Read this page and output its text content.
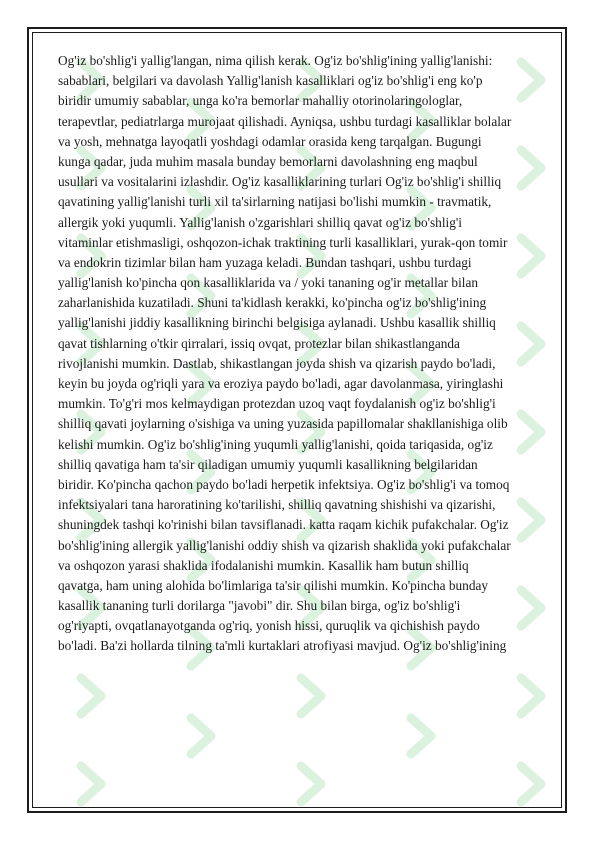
Og'iz bo'shlig'i yallig'langan, nima qilish kerak. Og'iz bo'shlig'ining yallig'lanishi:
sabablari, belgilari va davolash Yallig'lanish kasalliklari og'iz bo'shlig'i eng ko'p
biridir umumiy sabablar, unga ko'ra bemorlar mahalliy otorinolaringologlar,
terapevtlar, pediatrlarga murojaat qilishadi. Ayniqsa, ushbu turdagi kasalliklar bolalar
va yosh, mehnatga layoqatli yoshdagi odamlar orasida keng tarqalgan. Bugungi
kunga qadar, juda muhim masala bunday bemorlarni davolashning eng maqbul
usullari va vositalarini izlashdir. Og'iz kasalliklarining turlari Og'iz bo'shlig'i shilliq
qavatining yallig'lanishi turli xil ta'sirlarning natijasi bo'lishi mumkin - travmatik,
allergik yoki yuqumli. Yallig'lanish o'zgarishlari shilliq qavat og'iz bo'shlig'i
vitaminlar etishmasligi, oshqozon-ichak traktining turli kasalliklari, yurak-qon tomir
va endokrin tizimlar bilan ham yuzaga keladi. Bundan tashqari, ushbu turdagi
yallig'lanish ko'pincha qon kasalliklarida va / yoki tananing og'ir metallar bilan
zaharlanishida kuzatiladi. Shuni ta'kidlash kerakki, ko'pincha og'iz bo'shlig'ining
yallig'lanishi jiddiy kasallikning birinchi belgisiga aylanadi. Ushbu kasallik shilliq
qavat tishlarning o'tkir qirralari, issiq ovqat, protezlar bilan shikastlanganda
rivojlanishi mumkin. Dastlab, shikastlangan joyda shish va qizarish paydo bo'ladi,
keyin bu joyda og'riqli yara va eroziya paydo bo'ladi, agar davolanmasa, yiringlashi
mumkin. To'g'ri mos kelmaydigan protezdan uzoq vaqt foydalanish og'iz bo'shlig'i
shilliq qavati joylarning o'sishiga va uning yuzasida papillomalar shakllanishiga olib
kelishi mumkin. Og'iz bo'shlig'ining yuqumli yallig'lanishi, qoida tariqasida, og'iz
shilliq qavatiga ham ta'sir qiladigan umumiy yuqumli kasallikning belgilaridan
biridir. Ko'pincha qachon paydo bo'ladi herpetik infektsiya. Og'iz bo'shlig'i va tomoq
infektsiyalari tana haroratining ko'tarilishi, shilliq qavatning shishishi va qizarishi,
shuningdek tashqi ko'rinishi bilan tavsiflanadi. katta raqam kichik pufakchalar. Og'iz
bo'shlig'ining allergik yallig'lanishi oddiy shish va qizarish shaklida yoki pufakchalar
va oshqozon yarasi shaklida ifodalanishi mumkin. Kasallik ham butun shilliq
qavatga, ham uning alohida bo'limlariga ta'sir qilishi mumkin. Ko'pincha bunday
kasallik tananing turli dorilarga "javobi" dir. Shu bilan birga, og'iz bo'shlig'i
og'riyapti, ovqatlanayotganda og'riq, yonish hissi, quruqlik va qichishish paydo
bo'ladi. Ba'zi hollarda tilning ta'mli kurtaklari atrofiyasi mavjud. Og'iz bo'shlig'ining
